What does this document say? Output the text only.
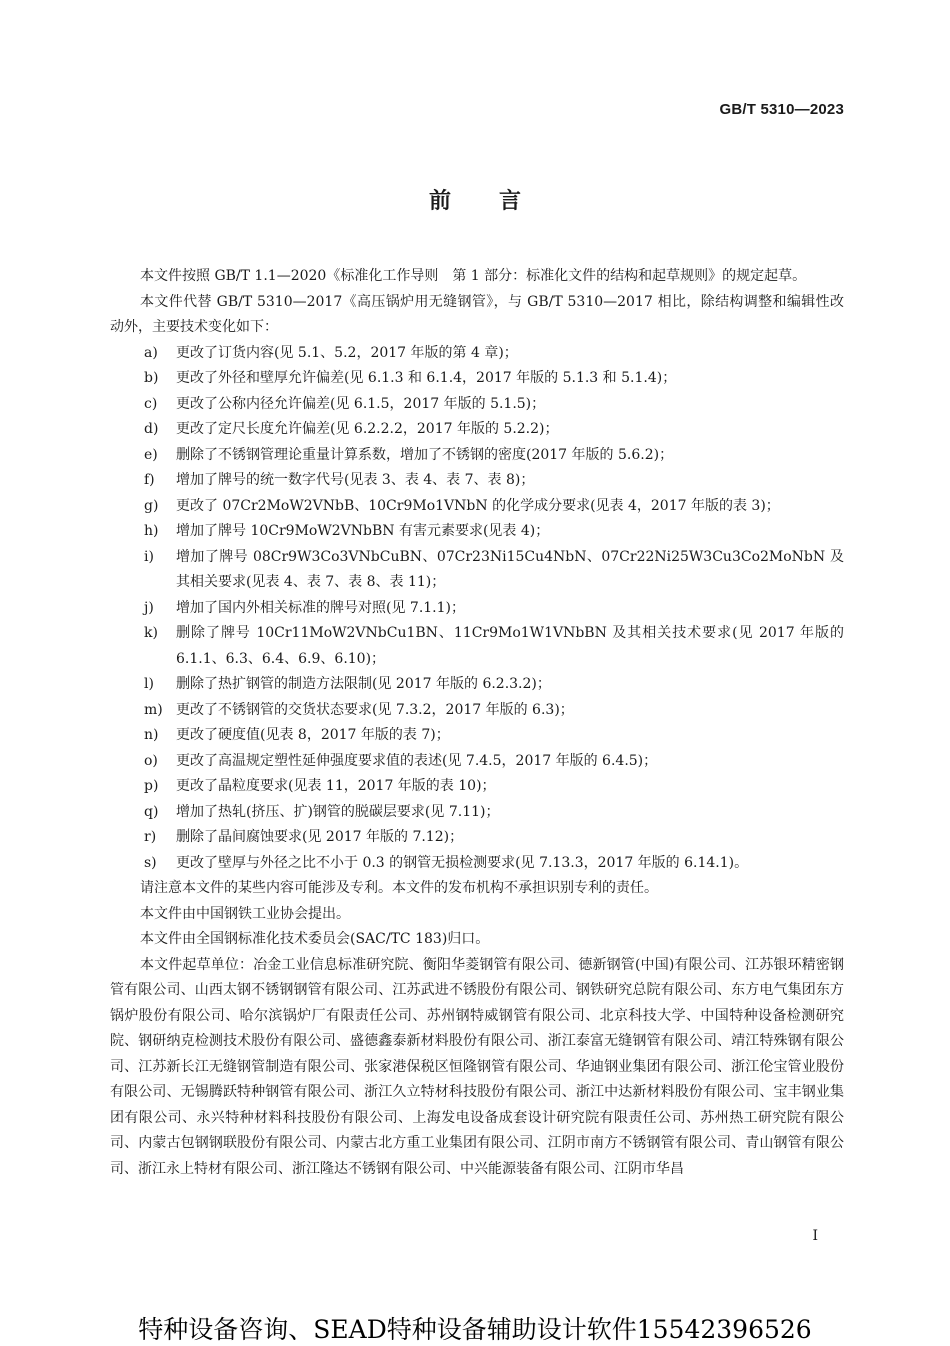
GB/T 5310—2023
前言

本文件按照 GB/T 1.1—2020《标准化工作导则　第 1 部分：标准化文件的结构和起草规则》的规定起草。

本文件代替 GB/T 5310—2017《高压锅炉用无缝钢管》，与 GB/T 5310—2017 相比，除结构调整和编辑性改动外，主要技术变化如下：

a)	更改了订货内容(见 5.1、5.2，2017 年版的第 4 章)；
b)	更改了外径和壁厚允许偏差(见 6.1.3 和 6.1.4，2017 年版的 5.1.3 和 5.1.4)；
c)	更改了公称内径允许偏差(见 6.1.5，2017 年版的 5.1.5)；
d)	更改了定尺长度允许偏差(见 6.2.2.2，2017 年版的 5.2.2)；
e)	删除了不锈钢管理论重量计算系数，增加了不锈钢的密度(2017 年版的 5.6.2)；
f)	增加了牌号的统一数字代号(见表 3、表 4、表 7、表 8)；
g)	更改了 07Cr2MoW2VNbB、10Cr9Mo1VNbN 的化学成分要求(见表 4，2017 年版的表 3)；
h)	增加了牌号 10Cr9MoW2VNbBN 有害元素要求(见表 4)；
i)	增加了牌号 08Cr9W3Co3VNbCuBN、07Cr23Ni15Cu4NbN、07Cr22Ni25W3Cu3Co2MoNbN 及其相关要求(见表 4、表 7、表 8、表 11)；
j)	增加了国内外相关标准的牌号对照(见 7.1.1)；
k)	删除了牌号 10Cr11MoW2VNbCu1BN、11Cr9Mo1W1VNbBN 及其相关技术要求(见 2017 年版的 6.1.1、6.3、6.4、6.9、6.10)；
l)	删除了热扩钢管的制造方法限制(见 2017 年版的 6.2.3.2)；
m) 更改了不锈钢管的交货状态要求(见 7.3.2，2017 年版的 6.3)；
n)	更改了硬度值(见表 8，2017 年版的表 7)；
o)	更改了高温规定塑性延伸强度要求值的表述(见 7.4.5，2017 年版的 6.4.5)；
p)	更改了晶粒度要求(见表 11，2017 年版的表 10)；
q)	增加了热轧(挤压、扩)钢管的脱碳层要求(见 7.11)；
r)	删除了晶间腐蚀要求(见 2017 年版的 7.12)；
s)	更改了壁厚与外径之比不小于 0.3 的钢管无损检测要求(见 7.13.3，2017 年版的 6.14.1)。

请注意本文件的某些内容可能涉及专利。本文件的发布机构不承担识别专利的责任。

本文件由中国钢铁工业协会提出。

本文件由全国钢标准化技术委员会(SAC/TC 183)归口。

本文件起草单位：冶金工业信息标准研究院、衡阳华菱钢管有限公司、德新钢管(中国)有限公司、江苏银环精密钢管有限公司、山西太钢不锈钢钢管有限公司、江苏武进不锈股份有限公司、钢铁研究总院有限公司、东方电气集团东方锅炉股份有限公司、哈尔滨锅炉厂有限责任公司、苏州钢特威钢管有限公司、北京科技大学、中国特种设备检测研究院、钢研纳克检测技术股份有限公司、盛德鑫泰新材料股份有限公司、浙江泰富无缝钢管有限公司、靖江特殊钢有限公司、江苏新长江无缝钢管制造有限公司、张家港保税区恒隆钢管有限公司、华迪钢业集团有限公司、浙江伦宝管业股份有限公司、无锡腾跃特种钢管有限公司、浙江久立特材科技股份有限公司、浙江中达新材料股份有限公司、宝丰钢业集团有限公司、永兴特种材料科技股份有限公司、上海发电设备成套设计研究院有限责任公司、苏州热工研究院有限公司、内蒙古包钢钢联股份有限公司、内蒙古北方重工业集团有限公司、江阴市南方不锈钢管有限公司、青山钢管有限公司、浙江永上特材有限公司、浙江隆达不锈钢有限公司、中兴能源装备有限公司、江阴市华昌

I
特种设备咨询、SEAD特种设备辅助设计软件15542396526
